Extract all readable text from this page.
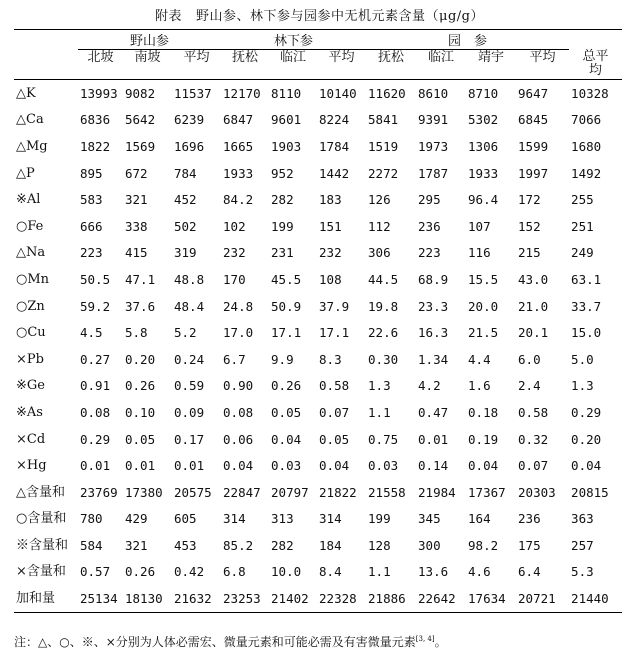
附表 野山参、林下参与园参中无机元素含量（μg/g）
	野山参			林下参			园　参				
	北坡	南坡	平均	抚松	临江	平均	抚松	临江	靖宇	平均	总平均
△K	13993	9082	11537	12170	8110	10140	11620	8610	8710	9647	10328
△Ca	6836	5642	6239	6847	9601	8224	5841	9391	5302	6845	7066
△Mg	1822	1569	1696	1665	1903	1784	1519	1973	1306	1599	1680
△P	895	672	784	1933	952	1442	2272	1787	1933	1997	1492
※Al	583	321	452	84.2	282	183	126	295	96.4	172	255
○Fe	666	338	502	102	199	151	112	236	107	152	251
△Na	223	415	319	232	231	232	306	223	116	215	249
○Mn	50.5	47.1	48.8	170	45.5	108	44.5	68.9	15.5	43.0	63.1
○Zn	59.2	37.6	48.4	24.8	50.9	37.9	19.8	23.3	20.0	21.0	33.7
○Cu	4.5	5.8	5.2	17.0	17.1	17.1	22.6	16.3	21.5	20.1	15.0
×Pb	0.27	0.20	0.24	6.7	9.9	8.3	0.30	1.34	4.4	6.0	5.0
※Ge	0.91	0.26	0.59	0.90	0.26	0.58	1.3	4.2	1.6	2.4	1.3
※As	0.08	0.10	0.09	0.08	0.05	0.07	1.1	0.47	0.18	0.58	0.29
×Cd	0.29	0.05	0.17	0.06	0.04	0.05	0.75	0.01	0.19	0.32	0.20
×Hg	0.01	0.01	0.01	0.04	0.03	0.04	0.03	0.14	0.04	0.07	0.04
△含量和	23769	17380	20575	22847	20797	21822	21558	21984	17367	20303	20815
○含量和	780	429	605	314	313	314	199	345	164	236	363
※含量和	584	321	453	85.2	282	184	128	300	98.2	175	257
×含量和	0.57	0.26	0.42	6.8	10.0	8.4	1.1	13.6	4.6	6.4	5.3
加和量	25134	18130	21632	23253	21402	22328	21886	22642	17634	20721	21440
注：△、○、※、×分别为人体必需宏、微量元素和可能必需及有害微量元素[3, 4]。
